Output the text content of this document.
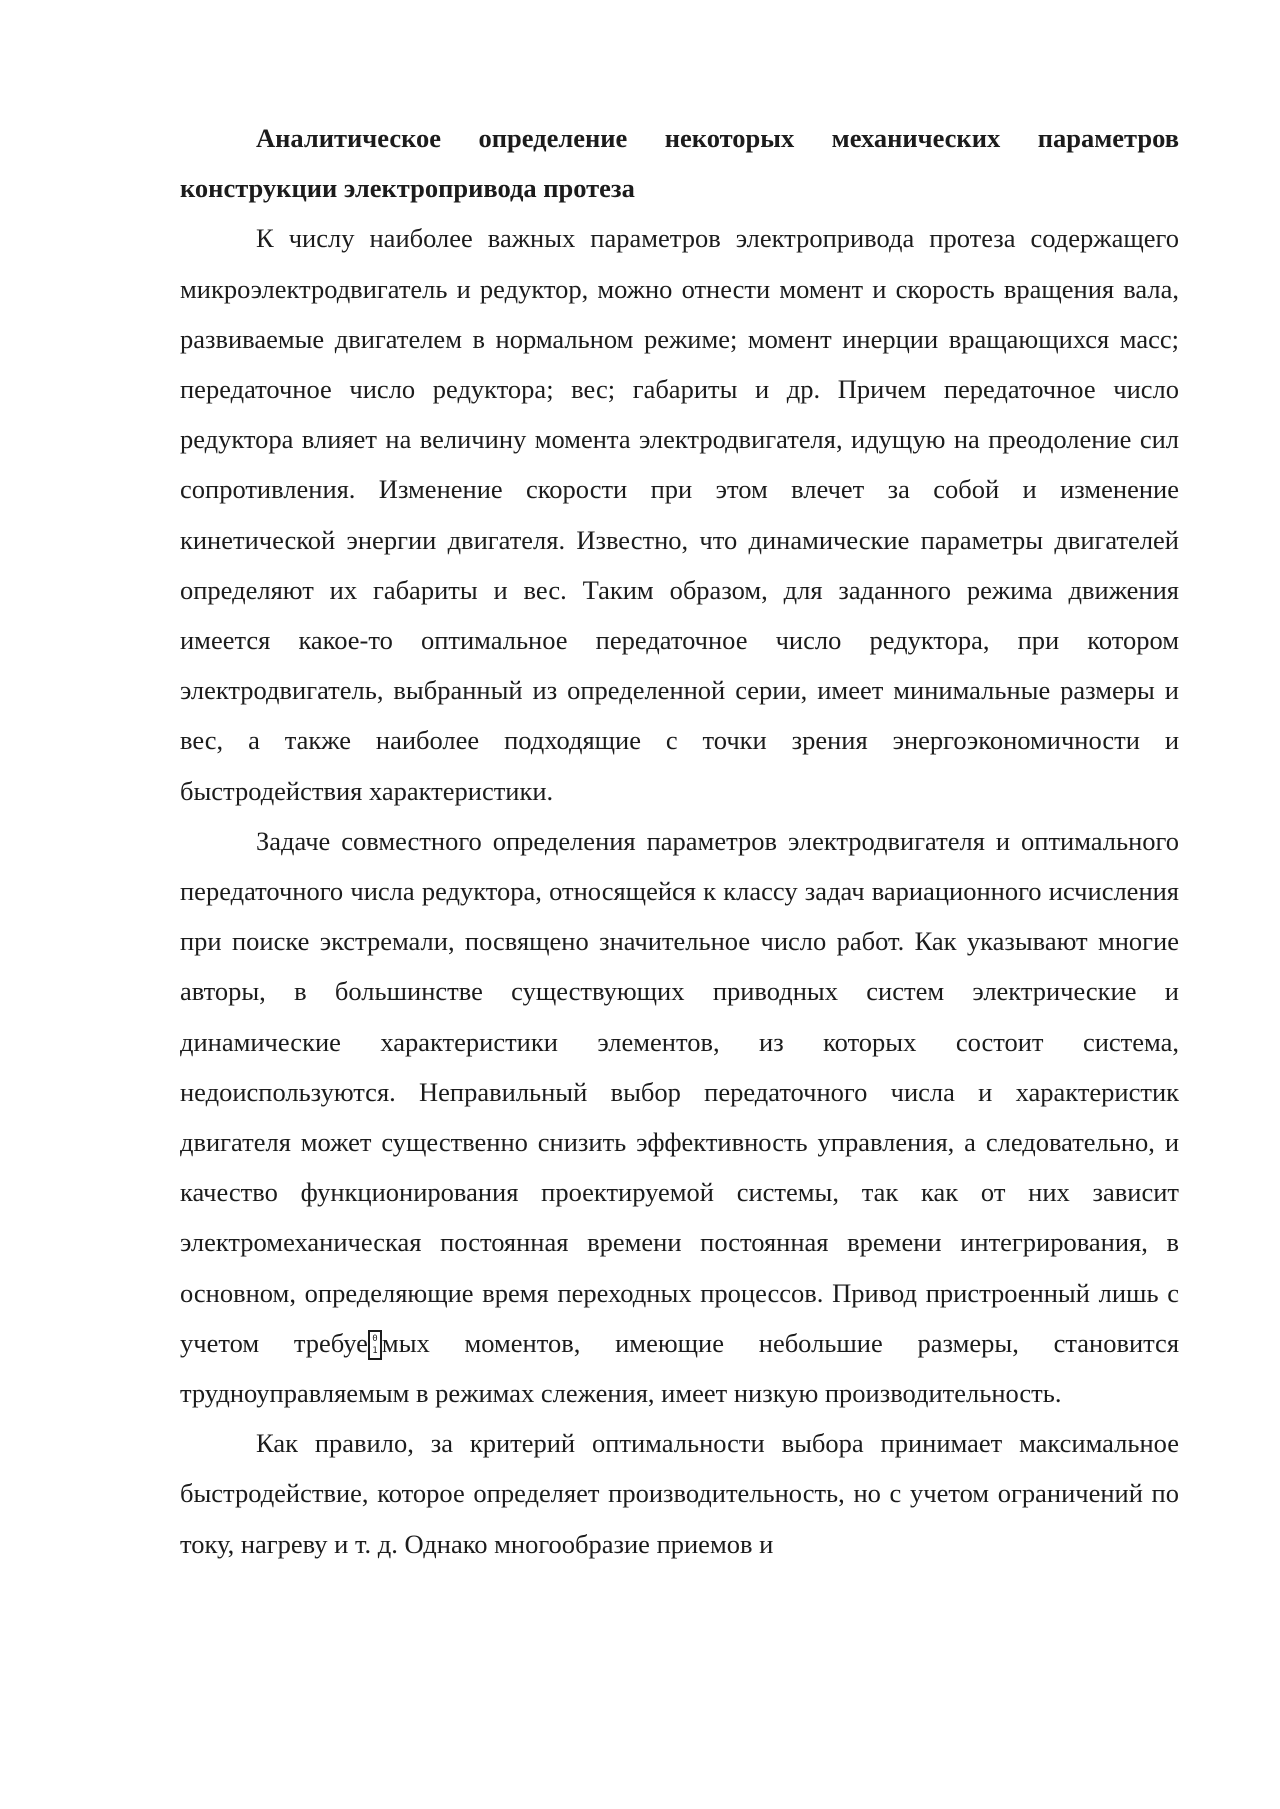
Аналитическое определение некоторых механических параметров конструкции электропривода протеза

К числу наиболее важных параметров электропривода протеза содержащего микроэлектродвигатель и редуктор, можно отнести момент и скорость вращения вала, развиваемые двигателем в нормальном режиме; момент инерции вращающихся масс; передаточное число редуктора; вес; габариты и др. Причем передаточное число редуктора влияет на величину момента электродвигателя, идущую на преодоление сил сопротивления. Изменение скорости при этом влечет за собой и изменение кинетической энергии двигателя. Известно, что динамические параметры двигателей определяют их габариты и вес. Таким образом, для заданного режима движения имеется какое-то оптимальное передаточное число редуктора, при котором электродвигатель, выбранный из определенной серии, имеет минимальные размеры и вес, а также наиболее подходящие с точки зрения энергоэкономичности и быстродействия характеристики.

Задаче совместного определения параметров электродвигателя и оптимального передаточного числа редуктора, относящейся к классу задач вариационного исчисления при поиске экстремали, посвящено значительное число работ. Как указывают многие авторы, в большинстве существующих приводных систем электрические и динамические характеристики элементов, из которых состоит система, недоиспользуются. Неправильный выбор передаточного числа и характеристик двигателя может существенно снизить эффективность управления, а следовательно, и качество функционирования проектируемой системы, так как от них зависит электромеханическая постоянная времени постоянная времени интегрирования, в основном, определяющие время переходных процессов. Привод пристроенный лишь с учетом требуе 0
1 мых моментов, имеющие небольшие размеры, становится трудноуправляемым в режимах слежения, имеет низкую производительность.

Как правило, за критерий оптимальности выбора принимает максимальное быстродействие, которое определяет производительность, но с учетом ограничений по току, нагреву и т. д. Однако многообразие приемов и
